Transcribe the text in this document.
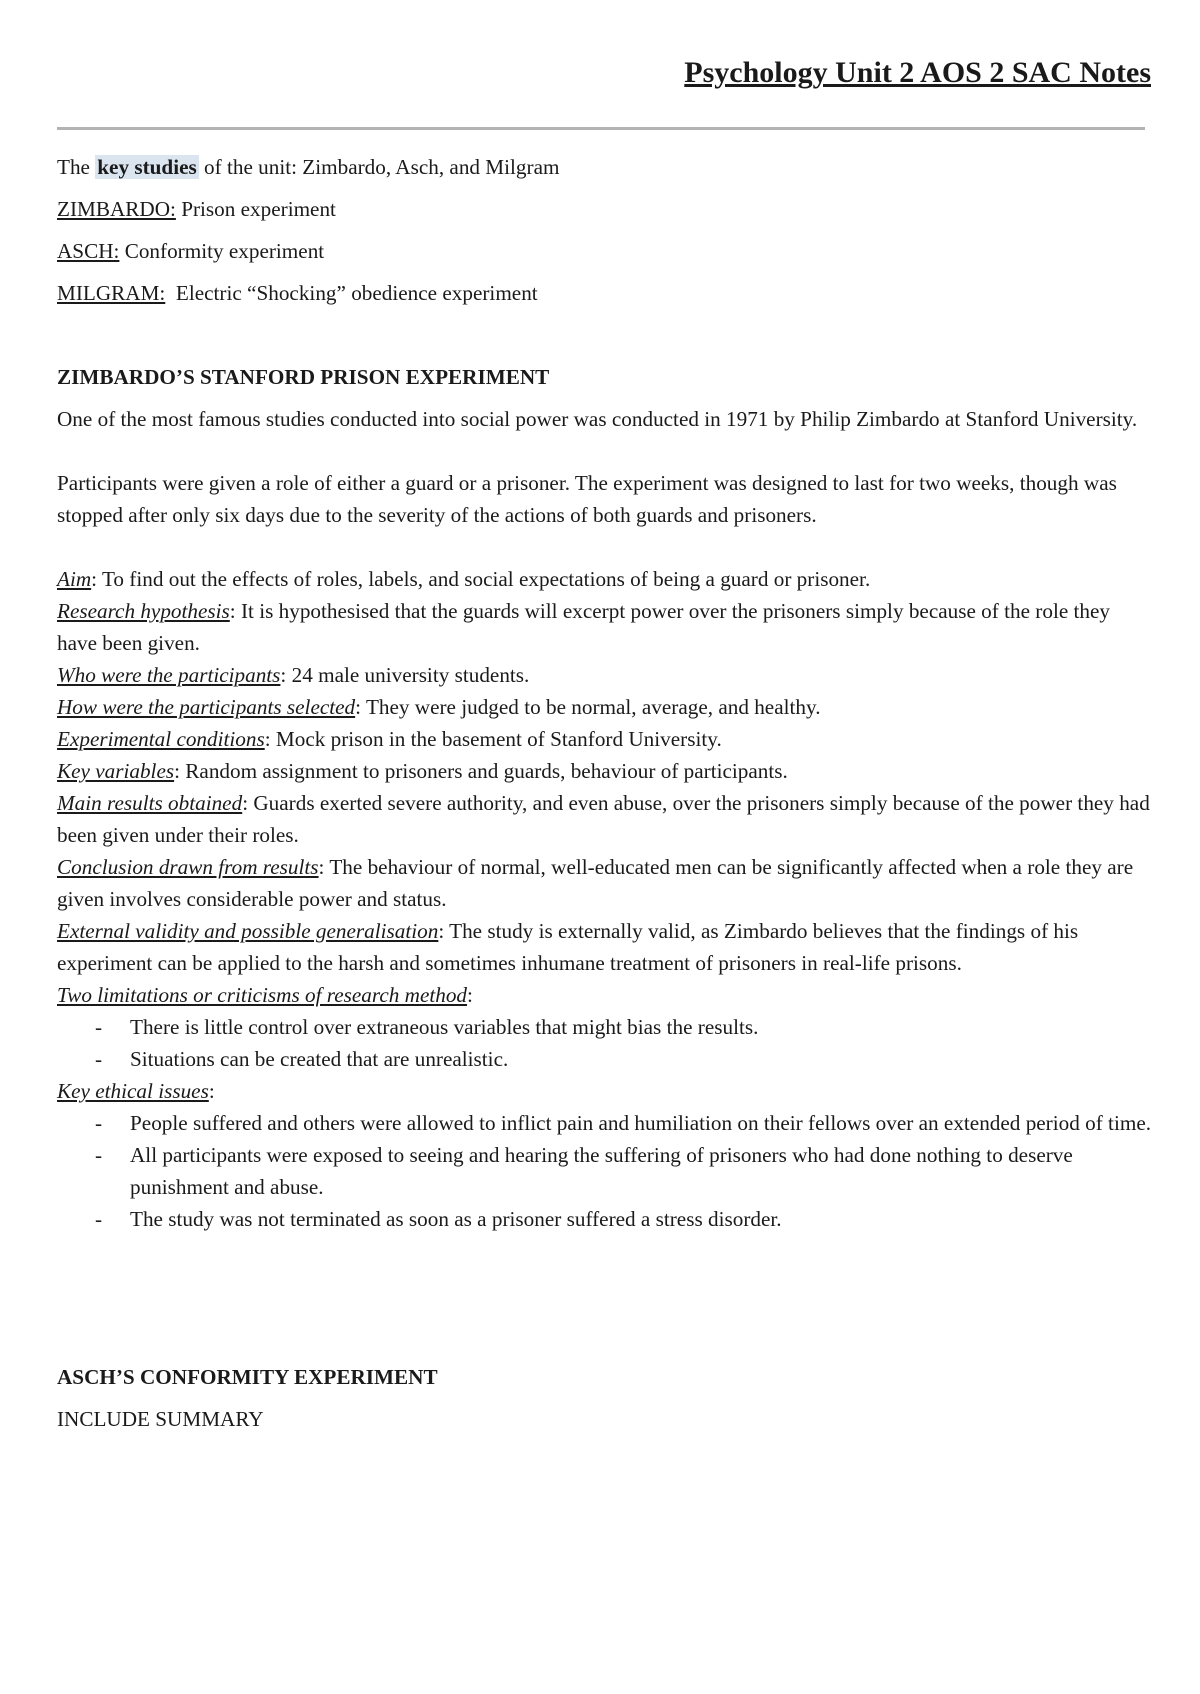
Psychology Unit 2 AOS 2 SAC Notes

The key studies of the unit: Zimbardo, Asch, and Milgram

ZIMBARDO: Prison experiment

ASCH: Conformity experiment

MILGRAM:  Electric “Shocking” obedience experiment

ZIMBARDO’S STANFORD PRISON EXPERIMENT

One of the most famous studies conducted into social power was conducted in 1971 by Philip Zimbardo at Stanford University.

Participants were given a role of either a guard or a prisoner. The experiment was designed to last for two weeks, though was stopped after only six days due to the severity of the actions of both guards and prisoners.

Aim: To find out the effects of roles, labels, and social expectations of being a guard or prisoner.

Research hypothesis: It is hypothesised that the guards will excerpt power over the prisoners simply because of the role they have been given.

Who were the participants: 24 male university students.

How were the participants selected: They were judged to be normal, average, and healthy.

Experimental conditions: Mock prison in the basement of Stanford University.

Key variables: Random assignment to prisoners and guards, behaviour of participants.

Main results obtained: Guards exerted severe authority, and even abuse, over the prisoners simply because of the power they had been given under their roles.

Conclusion drawn from results: The behaviour of normal, well-educated men can be significantly affected when a role they are given involves considerable power and status.

External validity and possible generalisation: The study is externally valid, as Zimbardo believes that the findings of his experiment can be applied to the harsh and sometimes inhumane treatment of prisoners in real-life prisons.

Two limitations or criticisms of research method:

- There is little control over extraneous variables that might bias the results.
- Situations can be created that are unrealistic.

Key ethical issues:

- People suffered and others were allowed to inflict pain and humiliation on their fellows over an extended period of time.
- All participants were exposed to seeing and hearing the suffering of prisoners who had done nothing to deserve punishment and abuse.
- The study was not terminated as soon as a prisoner suffered a stress disorder.

ASCH’S CONFORMITY EXPERIMENT

INCLUDE SUMMARY
